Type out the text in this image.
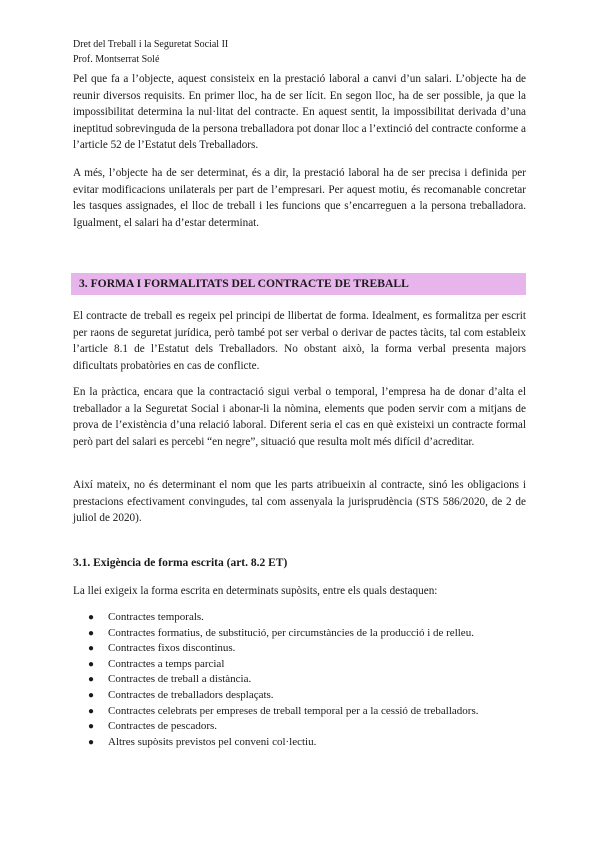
Dret del Treball i la Seguretat Social II
Prof. Montserrat Solé
Pel que fa a l’objecte, aquest consisteix en la prestació laboral a canvi d’un salari. L’objecte ha de reunir diversos requisits. En primer lloc, ha de ser lícit. En segon lloc, ha de ser possible, ja que la impossibilitat determina la nul·litat del contracte. En aquest sentit, la impossibilitat derivada d’una ineptitud sobrevinguda de la persona treballadora pot donar lloc a l’extinció del contracte conforme a l’article 52 de l’Estatut dels Treballadors.
A més, l’objecte ha de ser determinat, és a dir, la prestació laboral ha de ser precisa i definida per evitar modificacions unilaterals per part de l’empresari. Per aquest motiu, és recomanable concretar les tasques assignades, el lloc de treball i les funcions que s’encarreguen a la persona treballadora. Igualment, el salari ha d’estar determinat.
3. FORMA I FORMALITATS DEL CONTRACTE DE TREBALL
El contracte de treball es regeix pel principi de llibertat de forma. Idealment, es formalitza per escrit per raons de seguretat jurídica, però també pot ser verbal o derivar de pactes tàcits, tal com estableix l’article 8.1 de l’Estatut dels Treballadors. No obstant això, la forma verbal presenta majors dificultats probatòries en cas de conflicte.
En la pràctica, encara que la contractació sigui verbal o temporal, l’empresa ha de donar d’alta el treballador a la Seguretat Social i abonar-li la nòmina, elements que poden servir com a mitjans de prova de l’existència d’una relació laboral. Diferent seria el cas en què existeixi un contracte formal però part del salari es percebi “en negre”, situació que resulta molt més difícil d’acreditar.
Així mateix, no és determinant el nom que les parts atribueixin al contracte, sinó les obligacions i prestacions efectivament convingudes, tal com assenyala la jurisprudència (STS 586/2020, de 2 de juliol de 2020).
3.1. Exigència de forma escrita (art. 8.2 ET)
La llei exigeix la forma escrita en determinats supòsits, entre els quals destaquen:
● Contractes temporals.
● Contractes formatius, de substitució, per circumstàncies de la producció i de relleu.
● Contractes fixos discontinus.
● Contractes a temps parcial
● Contractes de treball a distància.
● Contractes de treballadors desplaçats.
● Contractes celebrats per empreses de treball temporal per a la cessió de treballadors.
● Contractes de pescadors.
● Altres supòsits previstos pel conveni col·lectiu.
